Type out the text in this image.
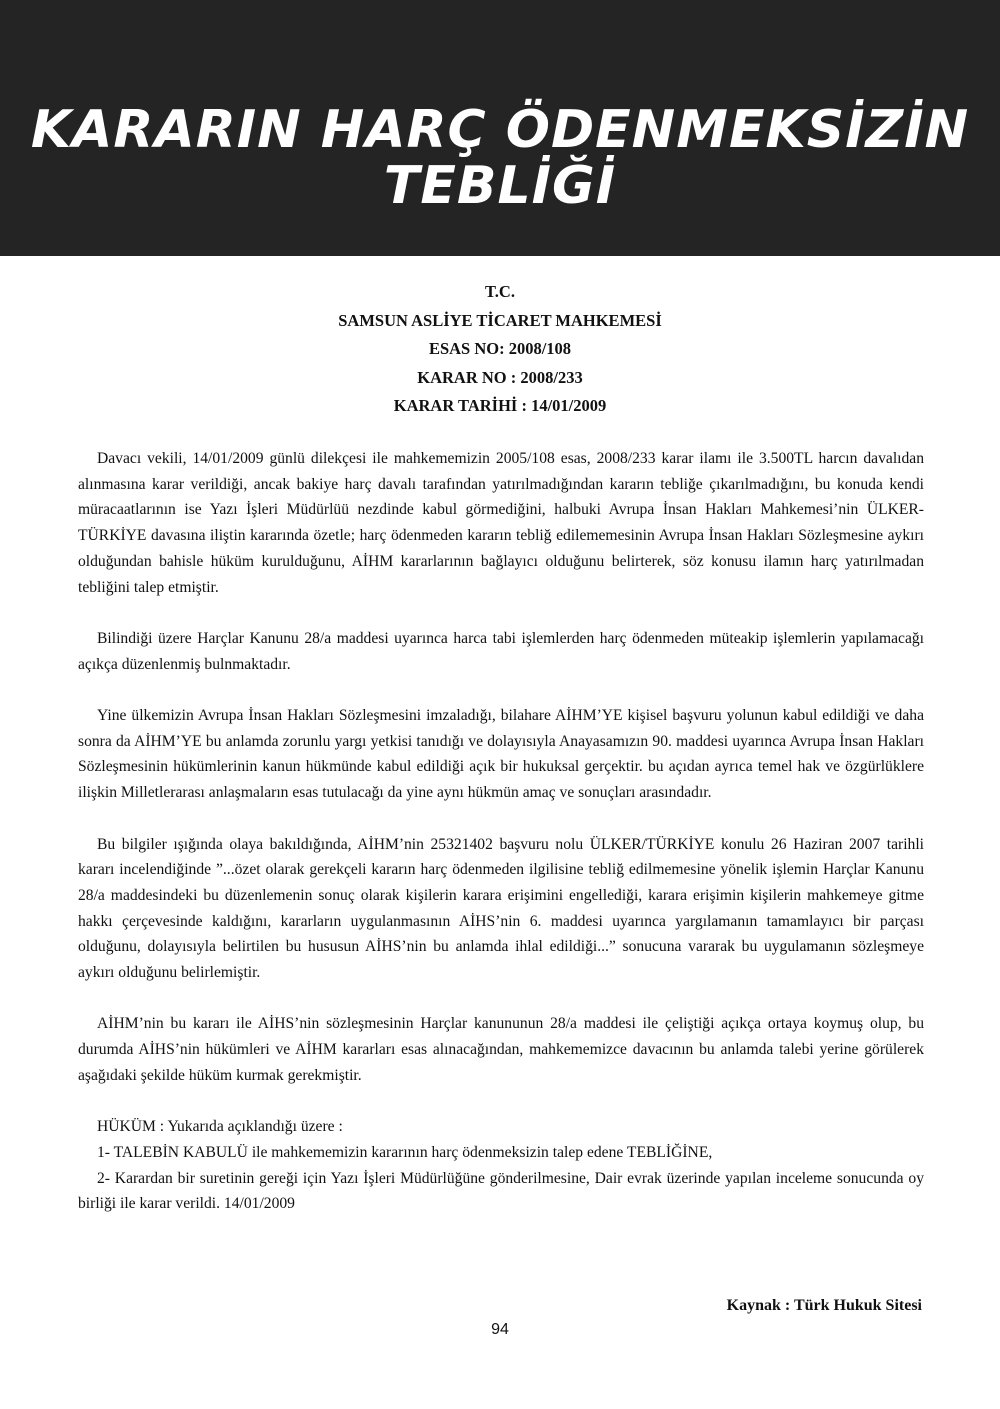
KARARIN HARÇ ÖDENMEKSİZİN
TEBLİĞİ
T.C.
SAMSUN ASLİYE TİCARET MAHKEMESİ
ESAS NO: 2008/108
KARAR NO : 2008/233
KARAR TARİHİ : 14/01/2009

Davacı vekili, 14/01/2009 günlü dilekçesi ile mahkememizin 2005/108 esas, 2008/233 karar ilamı ile 3.500TL harcın davalıdan alınmasına karar verildiği, ancak bakiye harç davalı tarafından yatırılmadığından kararın tebliğe çıkarılmadığını, bu konuda kendi müracaatlarının ise Yazı İşleri Müdürlüü nezdinde kabul görmediğini, halbuki Avrupa İnsan Hakları Mahkemesi’nin ÜLKER-TÜRKİYE davasına iliştin kararında özetle; harç ödenmeden kararın tebliğ edilememesinin Avrupa İnsan Hakları Sözleşmesine aykırı olduğundan bahisle hüküm kurulduğunu, AİHM kararlarının bağlayıcı olduğunu belirterek, söz konusu ilamın harç yatırılmadan tebliğini talep etmiştir.

Bilindiği üzere Harçlar Kanunu 28/a maddesi uyarınca harca tabi işlemlerden harç ödenmeden müteakip işlemlerin yapılamacağı açıkça düzenlenmiş bulnmaktadır.

Yine ülkemizin Avrupa İnsan Hakları Sözleşmesini imzaladığı, bilahare AİHM’YE kişisel başvuru yolunun kabul edildiği ve daha sonra da AİHM’YE bu anlamda zorunlu yargı yetkisi tanıdığı ve dolayısıyla Anayasamızın 90. maddesi uyarınca Avrupa İnsan Hakları Sözleşmesinin hükümlerinin kanun hükmünde kabul edildiği açık bir hukuksal gerçektir. bu açıdan ayrıca temel hak ve özgürlüklere ilişkin Milletlerarası anlaşmaların esas tutulacağı da yine aynı hükmün amaç ve sonuçları arasındadır.

Bu bilgiler ışığında olaya bakıldığında, AİHM’nin 25321402 başvuru nolu ÜLKER/TÜRKİYE konulu 26 Haziran 2007 tarihli kararı incelendiğinde ”...özet olarak gerekçeli kararın harç ödenmeden ilgilisine tebliğ edilmemesine yönelik işlemin Harçlar Kanunu 28/a maddesindeki bu düzenlemenin sonuç olarak kişilerin karara erişimini engellediği, karara erişimin kişilerin mahkemeye gitme hakkı çerçevesinde kaldığını, kararların uygulanmasının AİHS’nin 6. maddesi uyarınca yargılamanın tamamlayıcı bir parçası olduğunu, dolayısıyla belirtilen bu hususun AİHS’nin bu anlamda ihlal edildiği...” sonucuna vararak bu uygulamanın sözleşmeye aykırı olduğunu belirlemiştir.

AİHM’nin bu kararı ile AİHS’nin sözleşmesinin Harçlar kanununun 28/a maddesi ile çeliştiği açıkça ortaya koymuş olup, bu durumda AİHS’nin hükümleri ve AİHM kararları esas alınacağından, mahkememizce davacının bu anlamda talebi yerine görülerek aşağıdaki şekilde hüküm kurmak gerekmiştir.

HÜKÜM : Yukarıda açıklandığı üzere :

1- TALEBİN KABULÜ ile mahkememizin kararının harç ödenmeksizin talep edene TEBLİĞİNE,

2- Karardan bir suretinin gereği için Yazı İşleri Müdürlüğüne gönderilmesine, Dair evrak üzerinde yapılan inceleme sonucunda oy birliği ile karar verildi. 14/01/2009

Kaynak : Türk Hukuk Sitesi
94
